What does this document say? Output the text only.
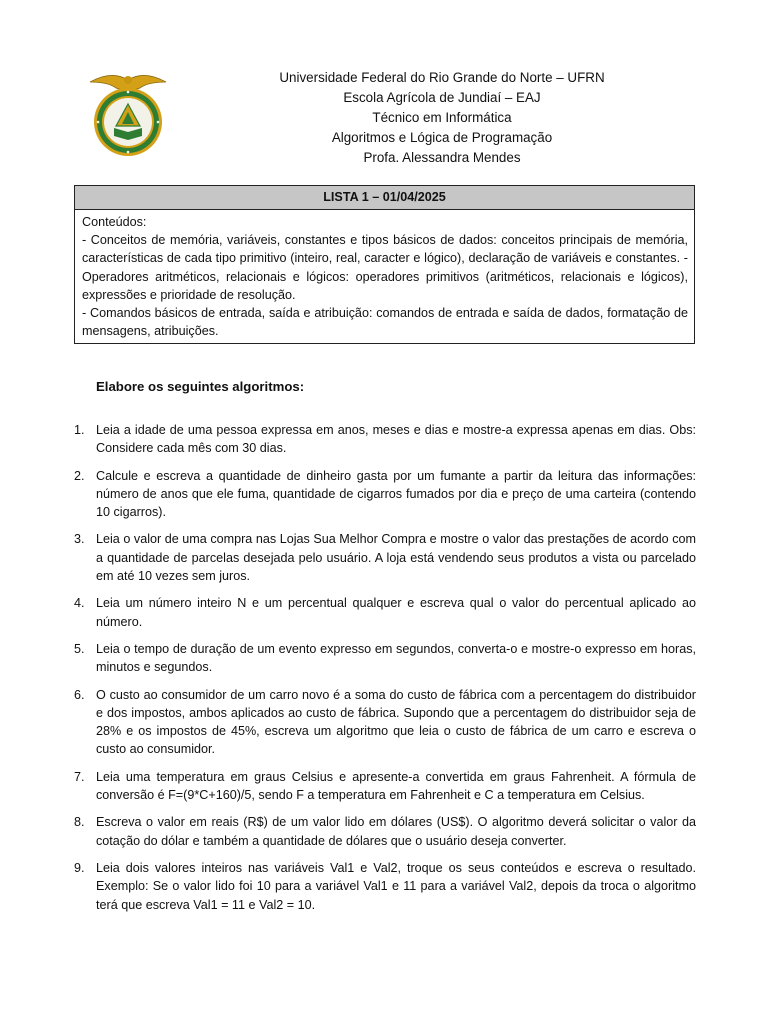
Universidade Federal do Rio Grande do Norte – UFRN
Escola Agrícola de Jundiaí – EAJ
Técnico em Informática
Algoritmos e Lógica de Programação
Profa. Alessandra Mendes
LISTA 1 – 01/04/2025
Conteúdos:
- Conceitos de memória, variáveis, constantes e tipos básicos de dados: conceitos principais de memória, características de cada tipo primitivo (inteiro, real, caracter e lógico), declaração de variáveis e constantes. - Operadores aritméticos, relacionais e lógicos: operadores primitivos (aritméticos, relacionais e lógicos), expressões e prioridade de resolução.
- Comandos básicos de entrada, saída e atribuição: comandos de entrada e saída de dados, formatação de mensagens, atribuições.
Elabore os seguintes algoritmos:
1. Leia a idade de uma pessoa expressa em anos, meses e dias e mostre-a expressa apenas em dias. Obs: Considere cada mês com 30 dias.
2. Calcule e escreva a quantidade de dinheiro gasta por um fumante a partir da leitura das informações: número de anos que ele fuma, quantidade de cigarros fumados por dia e preço de uma carteira (contendo 10 cigarros).
3. Leia o valor de uma compra nas Lojas Sua Melhor Compra e mostre o valor das prestações de acordo com a quantidade de parcelas desejada pelo usuário. A loja está vendendo seus produtos a vista ou parcelado em até 10 vezes sem juros.
4. Leia um número inteiro N e um percentual qualquer e escreva qual o valor do percentual aplicado ao número.
5. Leia o tempo de duração de um evento expresso em segundos, converta-o e mostre-o expresso em horas, minutos e segundos.
6. O custo ao consumidor de um carro novo é a soma do custo de fábrica com a percentagem do distribuidor e dos impostos, ambos aplicados ao custo de fábrica. Supondo que a percentagem do distribuidor seja de 28% e os impostos de 45%, escreva um algoritmo que leia o custo de fábrica de um carro e escreva o custo ao consumidor.
7. Leia uma temperatura em graus Celsius e apresente-a convertida em graus Fahrenheit. A fórmula de conversão é F=(9*C+160)/5, sendo F a temperatura em Fahrenheit e C a temperatura em Celsius.
8. Escreva o valor em reais (R$) de um valor lido em dólares (US$). O algoritmo deverá solicitar o valor da cotação do dólar e também a quantidade de dólares que o usuário deseja converter.
9. Leia dois valores inteiros nas variáveis Val1 e Val2, troque os seus conteúdos e escreva o resultado. Exemplo: Se o valor lido foi 10 para a variável Val1 e 11 para a variável Val2, depois da troca o algoritmo terá que escreva Val1 = 11 e Val2 = 10.
